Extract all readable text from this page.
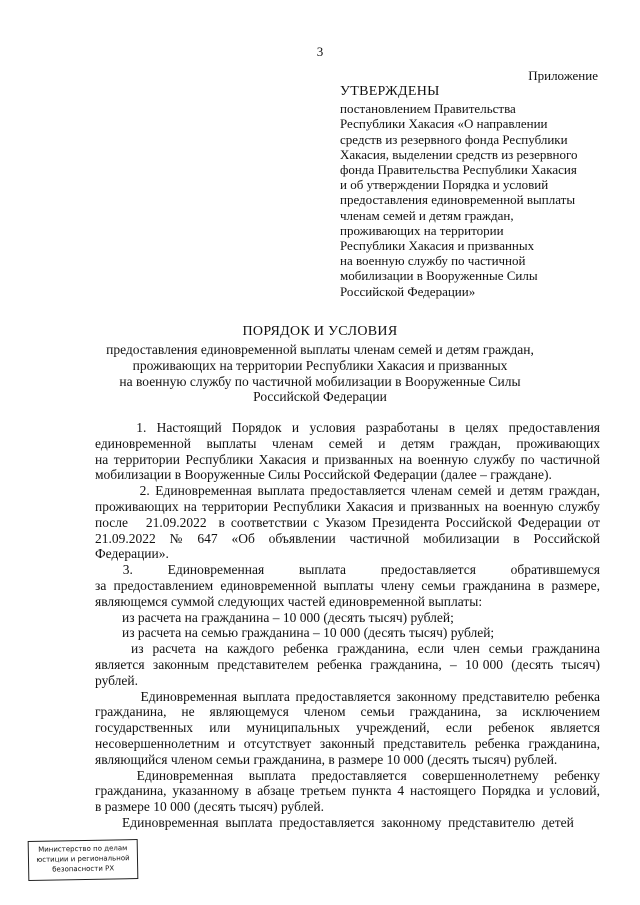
3
Приложение
УТВЕРЖДЕНЫ
постановлением Правительства
Республики Хакасия «О направлении
средств из резервного фонда Республики
Хакасия, выделении средств из резервного
фонда Правительства Республики Хакасия
и об утверждении Порядка и условий
предоставления единовременной выплаты
членам семей и детям граждан,
проживающих на территории
Республики Хакасия и призванных
на военную службу по частичной
мобилизации в Вооруженные Силы
Российской Федерации»
ПОРЯДОК И УСЛОВИЯ
предоставления единовременной выплаты членам семей и детям граждан,
проживающих на территории Республики Хакасия и призванных
на военную службу по частичной мобилизации в Вооруженные Силы
Российской Федерации

1.  Настоящий  Порядок  и  условия  разработаны  в  целях  предоставления
единовременной   выплаты   членам   семей   и   детям   граждан,   проживающих
на территории Республики Хакасия и призванных на военную службу по частичной
мобилизации в Вооруженные Силы Российской Федерации (далее – граждане).

2. Единовременная выплата предоставляется членам семей и детям граждан,
проживающих на территории Республики Хакасия и призванных на военную службу
после   21.09.2022  в соответствии с Указом Президента Российской Федерации от
21.09.2022   №   647   «Об   объявлении   частичной   мобилизации   в   Российской
Федерации».

3.          Единовременная          выплата          предоставляется          обратившемуся
за предоставлением единовременной выплаты члену семьи гражданина в размере,
являющемся суммой следующих частей единовременной выплаты:

из расчета на гражданина – 10 000 (десять тысяч) рублей;

из расчета на семью гражданина – 10 000 (десять тысяч) рублей;

из  расчета  на  каждого  ребенка  гражданина,  если  член  семьи  гражданина
является  законным  представителем  ребенка  гражданина,  –  10 000  (десять  тысяч)
рублей.

Единовременная выплата предоставляется законному представителю ребенка
гражданина,   не   являющемуся   членом   семьи   гражданина,   за   исключением
государственных   или   муниципальных   учреждений,   если   ребенок   является
несовершеннолетним и отсутствует законный представитель ребенка гражданина,
являющийся членом семьи гражданина, в размере 10 000 (десять тысяч) рублей.

Единовременная   выплата   предоставляется   совершеннолетнему   ребенку
гражданина, указанному в абзаце третьем пункта 4 настоящего Порядка и условий,
в размере 10 000 (десять тысяч) рублей.

Единовременная  выплата  предоставляется  законному  представителю  детей

Министерство по делам
юстиции и региональной
безопасности РХ
